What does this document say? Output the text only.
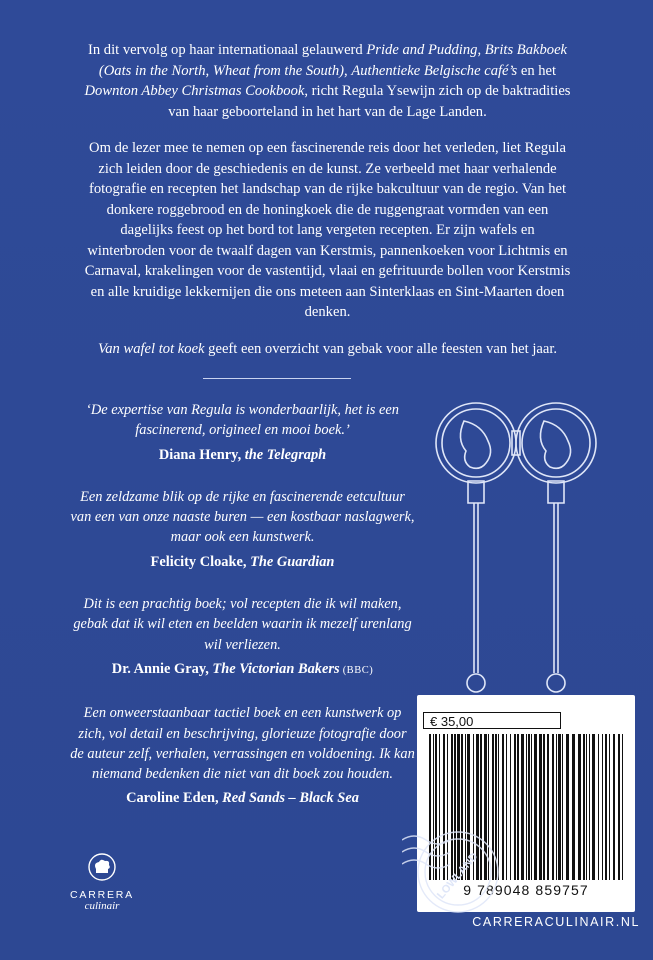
In dit vervolg op haar internationaal gelauwerd Pride and Pudding, Brits Bakboek (Oats in the North, Wheat from the South), Authentieke Belgische café’s en het Downton Abbey Christmas Cookbook, richt Regula Ysewijn zich op de baktradities van haar geboorteland in het hart van de Lage Landen.

Om de lezer mee te nemen op een fascinerende reis door het verleden, liet Regula zich leiden door de geschiedenis en de kunst. Ze verbeeld met haar verhalende fotografie en recepten het landschap van de rijke bakcultuur van de regio. Van het donkere roggebrood en de honingkoek die de ruggengraat vormden van een dagelijks feest op het bord tot lang vergeten recepten. Er zijn wafels en winterbroden voor de twaalf dagen van Kerstmis, pannenkoeken voor Lichtmis en Carnaval, krakelingen voor de vastentijd, vlaai en gefrituurde bollen voor Kerstmis en alle kruidige lekkernijen die ons meteen aan Sinterklaas en Sint-Maarten doen denken.

Van wafel tot koek geeft een overzicht van gebak voor alle feesten van het jaar.

‘De expertise van Regula is wonderbaarlijk, het is een fascinerend, origineel en mooi boek.’
Diana Henry, the Telegraph
Een zeldzame blik op de rijke en fascinerende eetcultuur van een van onze naaste buren — een kostbaar naslagwerk, maar ook een kunstwerk.
Felicity Cloake, The Guardian
Dit is een prachtig boek; vol recepten die ik wil maken, gebak dat ik wil eten en beelden waarin ik mezelf urenlang wil verliezen.
Dr. Annie Gray, The Victorian Bakers (BBC)
Een onweerstaanbaar tactiel boek en een kunstwerk op zich, vol detail en beschrijving, glorieuze fotografie door de auteur zelf, verhalen, verrassingen en voldoening. Ik kan niemand bedenken die niet van dit boek zou houden.
Caroline Eden, Red Sands – Black Sea
€ 35,00
9 789048 859757
LOWLAND
CARRERACULINAIR.NL
CARRERA
culinair
